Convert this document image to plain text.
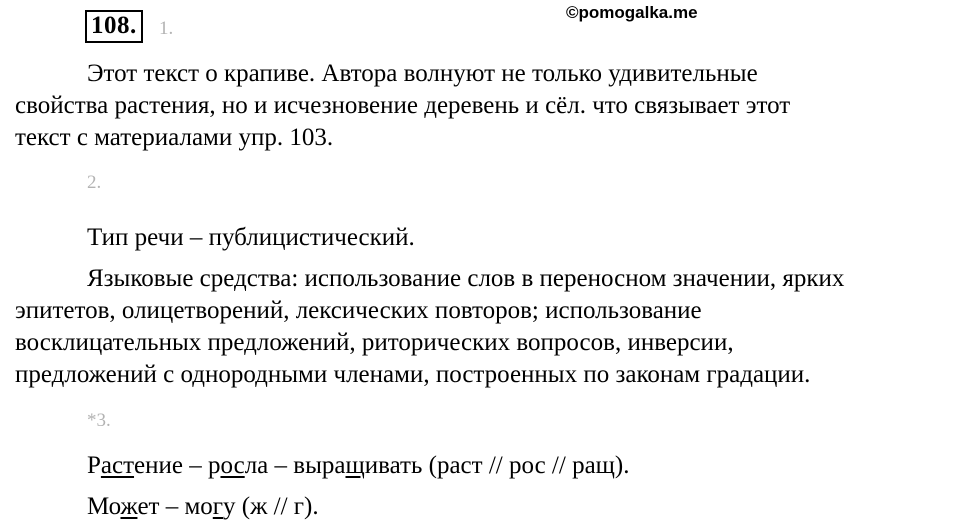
108.	1.
©pomogalka.me
Этот текст о крапиве. Автора волнуют не только удивительные
свойства растения, но и исчезновение деревень и сёл. что связывает этот
текст с материалами упр. 103.
2.
Тип речи – публицистический.
Языковые средства: использование слов в переносном значении, ярких
эпитетов, олицетворений, лексических повторов; использование
восклицательных предложений, риторических вопросов, инверсии,
предложений с однородными членами, построенных по законам градации.
*3.
Растение – росла – выращивать (раст // рос // ращ).
Может – могу (ж // г).
